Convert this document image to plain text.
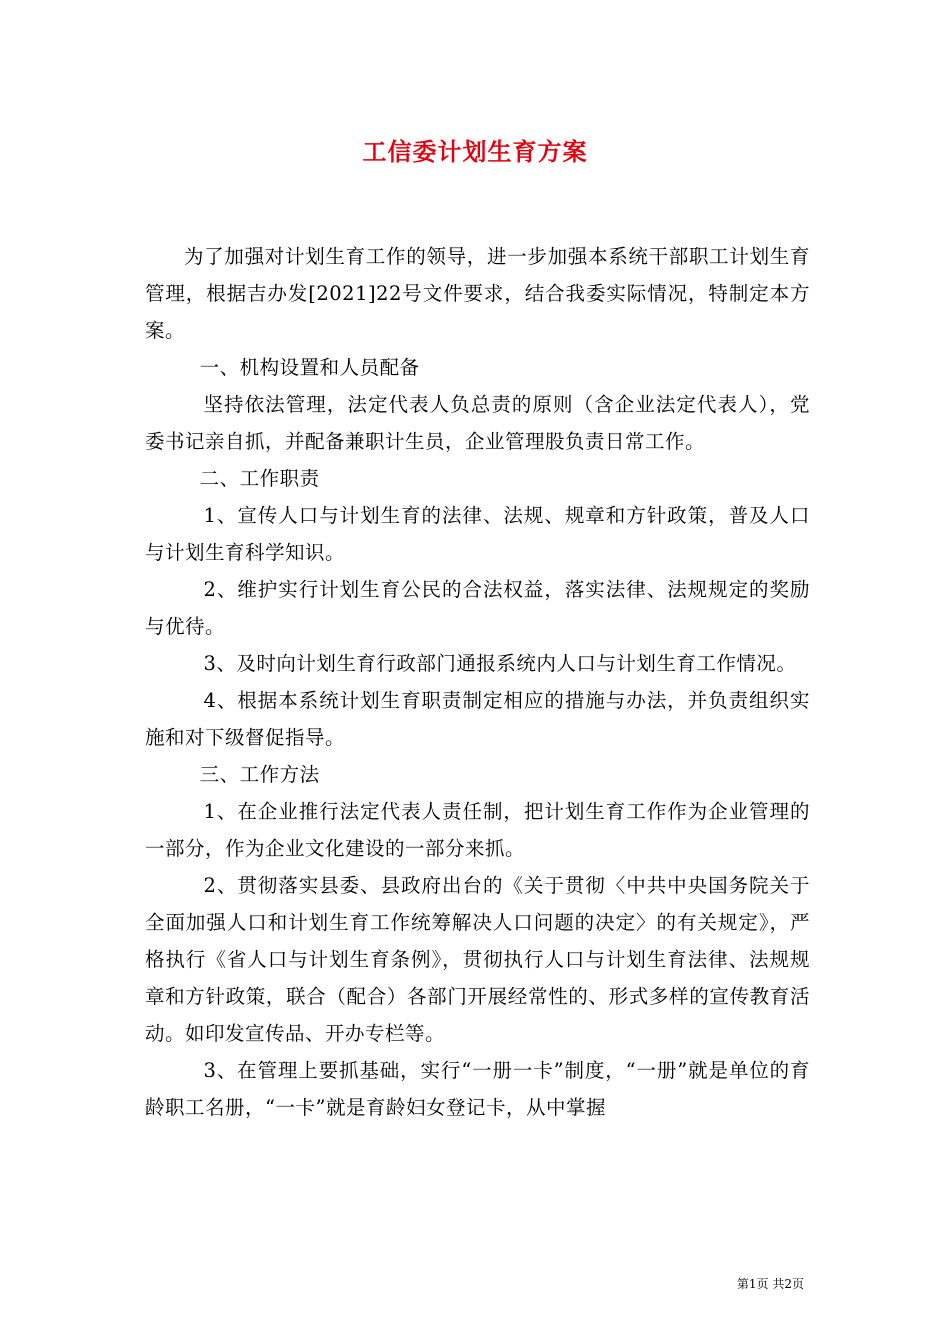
工信委计划生育方案

为了加强对计划生育工作的领导，进一步加强本系统干部职工计划生育管理，根据吉办发[2021]22号文件要求，结合我委实际情况，特制定本方案。

一、机构设置和人员配备

坚持依法管理，法定代表人负总责的原则（含企业法定代表人），党委书记亲自抓，并配备兼职计生员，企业管理股负责日常工作。

二、工作职责

1、宣传人口与计划生育的法律、法规、规章和方针政策，普及人口与计划生育科学知识。

2、维护实行计划生育公民的合法权益，落实法律、法规规定的奖励与优待。

3、及时向计划生育行政部门通报系统内人口与计划生育工作情况。

4、根据本系统计划生育职责制定相应的措施与办法，并负责组织实施和对下级督促指导。

三、工作方法

1、在企业推行法定代表人责任制，把计划生育工作作为企业管理的一部分，作为企业文化建设的一部分来抓。

2、贯彻落实县委、县政府出台的《关于贯彻〈中共中央国务院关于全面加强人口和计划生育工作统筹解决人口问题的决定〉的有关规定》，严格执行《省人口与计划生育条例》，贯彻执行人口与计划生育法律、法规规章和方针政策，联合（配合）各部门开展经常性的、形式多样的宣传教育活动。如印发宣传品、开办专栏等。

3、在管理上要抓基础，实行“一册一卡”制度，“一册”就是单位的育龄职工名册，“一卡”就是育龄妇女登记卡，从中掌握

第1页 共2页
